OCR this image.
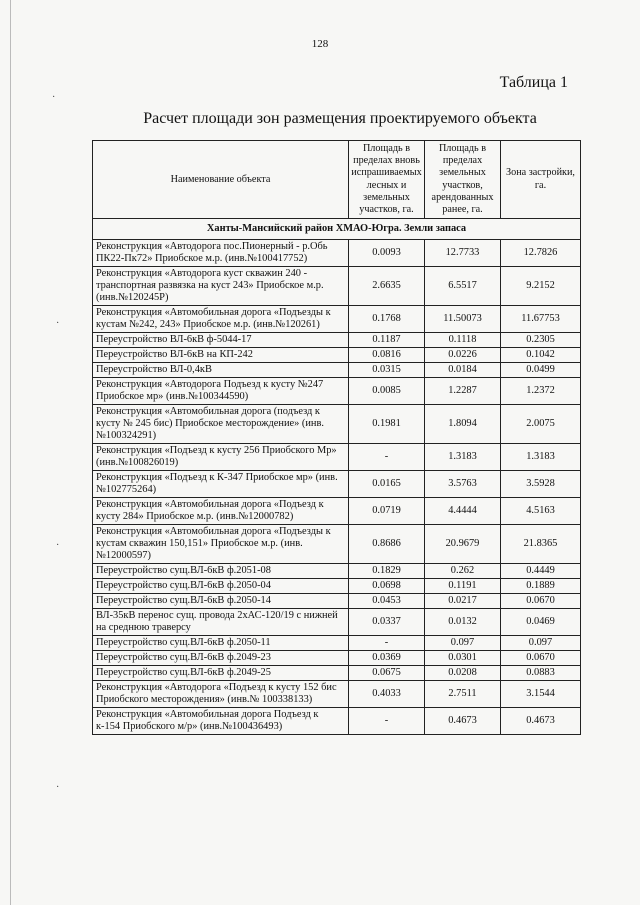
·
·
·
·
128
Таблица 1
Расчет площади зон размещения проектируемого объекта
Наименование объекта	Площадь в пределах вновь испрашиваемых лесных и земельных участков, га.	Площадь в пределах земельных участков, арендованных ранее, га.	Зона застройки, га.
Ханты-Мансийский район ХМАО-Югра. Земли запаса			
Реконструкция «Автодорога пос.Пионерный - р.Обь ПК22-Пк72» Приобское м.р. (инв.№100417752)	0.0093	12.7733	12.7826
Реконструкция «Автодорога куст скважин 240 - транспортная развязка на куст 243» Приобское м.р. (инв.№120245Р)	2.6635	6.5517	9.2152
Реконструкция «Автомобильная дорога «Подъезды к кустам №242, 243» Приобское м.р. (инв.№120261)	0.1768	11.50073	11.67753
Переустройство ВЛ-6кВ ф-5044-17	0.1187	0.1118	0.2305
Переустройство ВЛ-6кВ на КП-242	0.0816	0.0226	0.1042
Переустройство ВЛ-0,4кВ	0.0315	0.0184	0.0499
Реконструкция «Автодорога Подъезд к кусту №247 Приобское мр» (инв.№100344590)	0.0085	1.2287	1.2372
Реконструкция «Автомобильная дорога (подъезд к кусту № 245 бис) Приобское месторождение» (инв.№100324291)	0.1981	1.8094	2.0075
Реконструкция «Подъезд к кусту 256 Приобского Мр» (инв.№100826019)	-	1.3183	1.3183
Реконструкция «Подъезд к К-347 Приобское мр» (инв.№102775264)	0.0165	3.5763	3.5928
Реконструкция «Автомобильная дорога «Подъезд к кусту 284» Приобское м.р. (инв.№12000782)	0.0719	4.4444	4.5163
Реконструкция «Автомобильная дорога «Подъезды к кустам скважин 150,151» Приобское м.р. (инв.№12000597)	0.8686	20.9679	21.8365
Переустройство сущ.ВЛ-6кВ ф.2051-08	0.1829	0.262	0.4449
Переустройство сущ.ВЛ-6кВ ф.2050-04	0.0698	0.1191	0.1889
Переустройство сущ.ВЛ-6кВ ф.2050-14	0.0453	0.0217	0.0670
ВЛ-35кВ перенос сущ. провода 2хАС-120/19 с нижней на среднюю траверсу	0.0337	0.0132	0.0469
Переустройство сущ.ВЛ-6кВ ф.2050-11	-	0.097	0.097
Переустройство сущ.ВЛ-6кВ ф.2049-23	0.0369	0.0301	0.0670
Переустройство сущ.ВЛ-6кВ ф.2049-25	0.0675	0.0208	0.0883
Реконструкция «Автодорога «Подъезд к кусту 152 бис Приобского месторождения» (инв.№ 100338133)	0.4033	2.7511	3.1544
Реконструкция «Автомобильная дорога Подъезд к к-154 Приобского м/р» (инв.№100436493)	-	0.4673	0.4673
